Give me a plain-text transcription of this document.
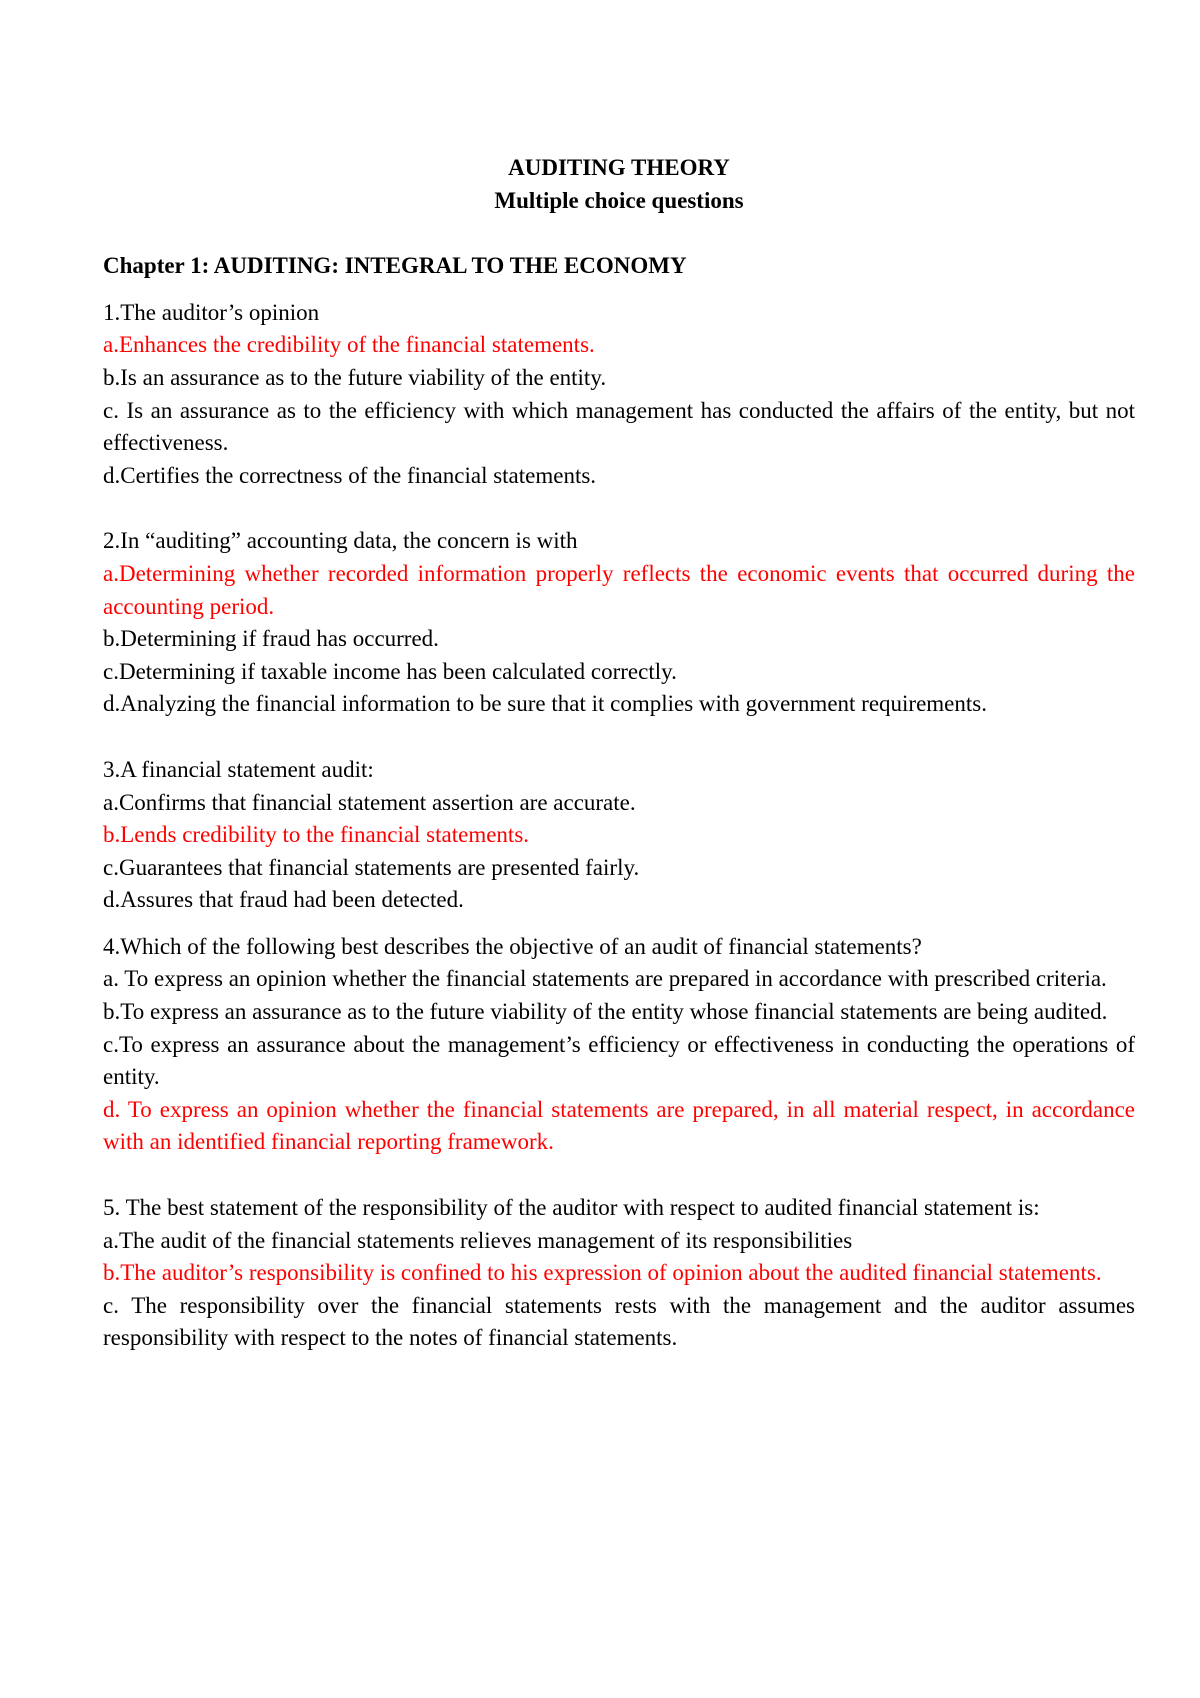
AUDITING THEORY

Multiple choice questions

Chapter 1: AUDITING: INTEGRAL TO THE ECONOMY

1.The auditor’s opinion

a.Enhances the credibility of the financial statements.

b.Is an assurance as to the future viability of the entity.

c. Is an assurance as to the efficiency with which management has conducted the affairs of the entity, but not effectiveness.

d.Certifies the correctness of the financial statements.

2.In “auditing” accounting data, the concern is with

a.Determining whether recorded information properly reflects the economic events that occurred during the accounting period.

b.Determining if fraud has occurred.

c.Determining if taxable income has been calculated correctly.

d.Analyzing the financial information to be sure that it complies with government requirements.

3.A financial statement audit:

a.Confirms that financial statement assertion are accurate.

b.Lends credibility to the financial statements.

c.Guarantees that financial statements are presented fairly.

d.Assures that fraud had been detected.

4.Which of the following best describes the objective of an audit of financial statements?

a. To express an opinion whether the financial statements are prepared in accordance with prescribed criteria.

b.To express an assurance as to the future viability of the entity whose financial statements are being audited.

c.To express an assurance about the management’s efficiency or effectiveness in conducting the operations of entity.

d. To express an opinion whether the financial statements are prepared, in all material respect, in accordance with an identified financial reporting framework.

5. The best statement of the responsibility of the auditor with respect to audited financial statement is:

a.The audit of the financial statements relieves management of its responsibilities

b.The auditor’s responsibility is confined to his expression of opinion about the audited financial statements.

c. The responsibility over the financial statements rests with the management and the auditor assumes responsibility with respect to the notes of financial statements.
